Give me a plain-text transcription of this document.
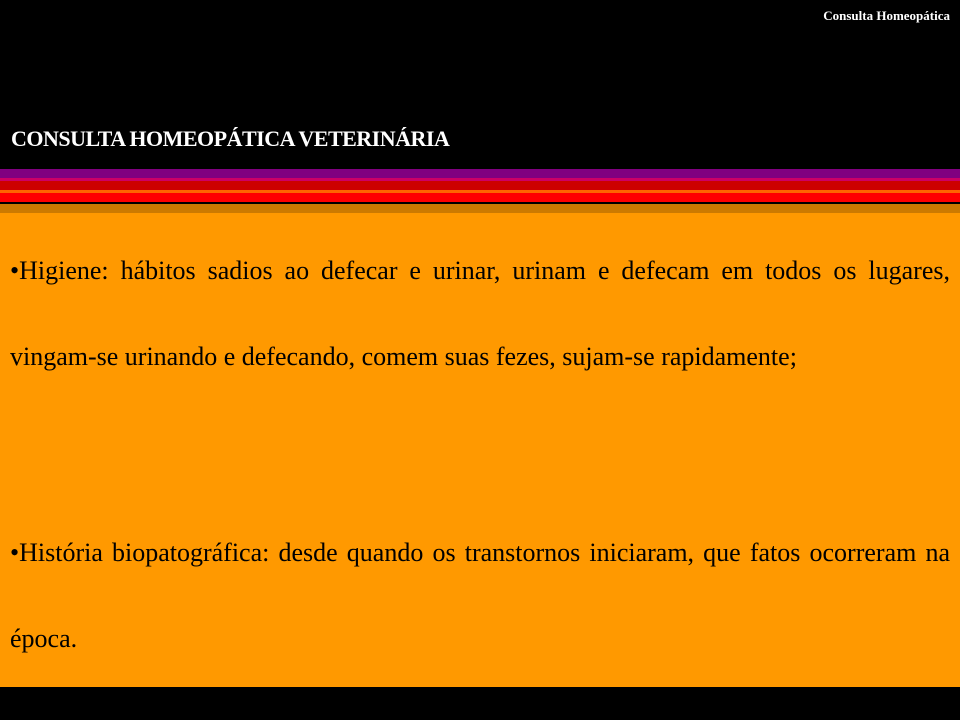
Consulta Homeopática
CONSULTA HOMEOPÁTICA VETERINÁRIA

•Higiene: hábitos sadios ao defecar e urinar, urinam e defecam em todos os lugares, vingam-se urinando e defecando, comem suas fezes, sujam-se rapidamente;

•História biopatográfica: desde quando os transtornos iniciaram, que fatos ocorreram na época.
